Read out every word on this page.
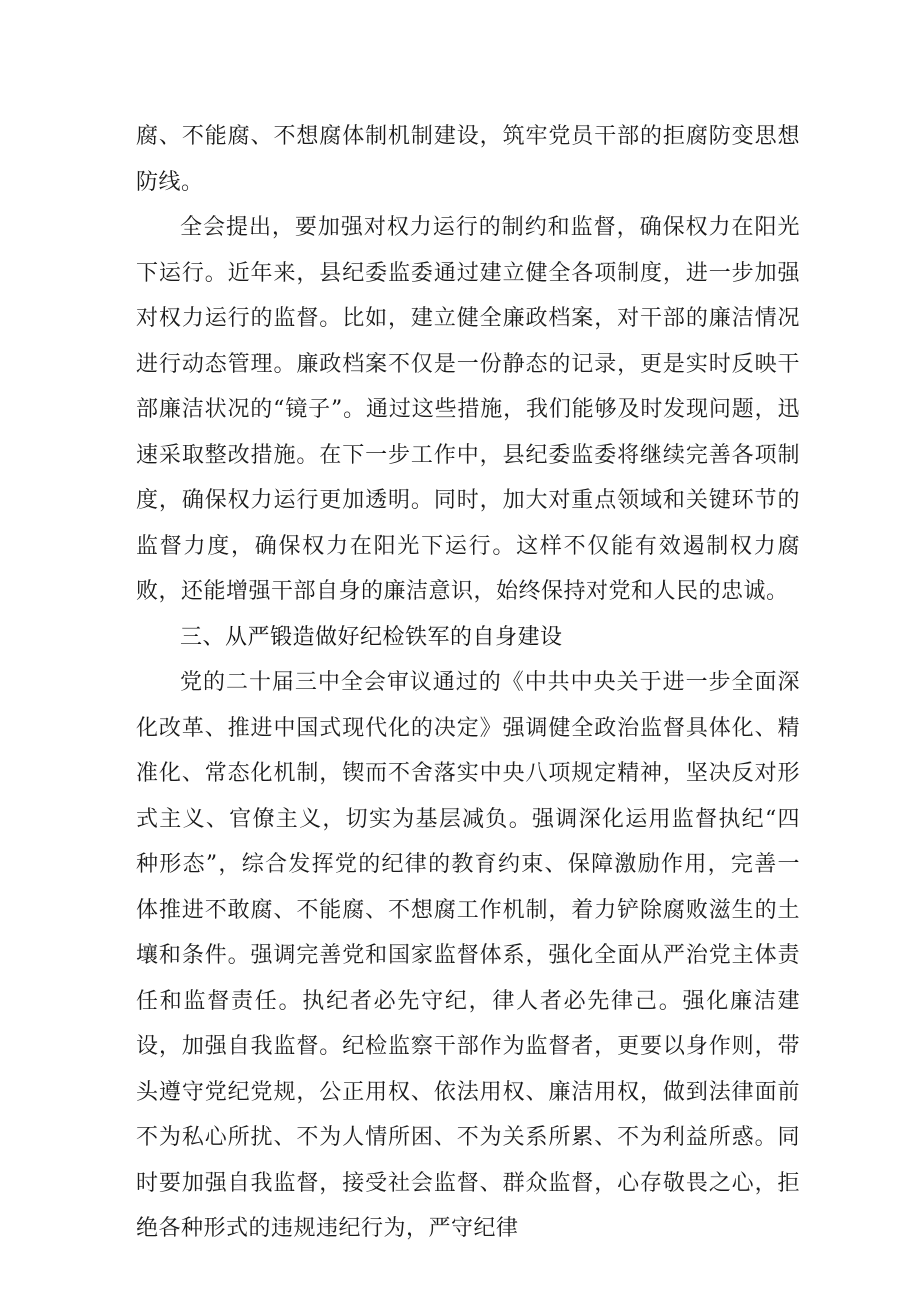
腐、不能腐、不想腐体制机制建设，筑牢党员干部的拒腐防变思想防线。

全会提出，要加强对权力运行的制约和监督，确保权力在阳光下运行。近年来，县纪委监委通过建立健全各项制度，进一步加强对权力运行的监督。比如，建立健全廉政档案，对干部的廉洁情况进行动态管理。廉政档案不仅是一份静态的记录，更是实时反映干部廉洁状况的“镜子”。通过这些措施，我们能够及时发现问题，迅速采取整改措施。在下一步工作中，县纪委监委将继续完善各项制度，确保权力运行更加透明。同时，加大对重点领域和关键环节的监督力度，确保权力在阳光下运行。这样不仅能有效遏制权力腐败，还能增强干部自身的廉洁意识，始终保持对党和人民的忠诚。

三、从严锻造做好纪检铁军的自身建设

党的二十届三中全会审议通过的《中共中央关于进一步全面深化改革、推进中国式现代化的决定》强调健全政治监督具体化、精准化、常态化机制，锲而不舍落实中央八项规定精神，坚决反对形式主义、官僚主义，切实为基层减负。强调深化运用监督执纪“四种形态”，综合发挥党的纪律的教育约束、保障激励作用，完善一体推进不敢腐、不能腐、不想腐工作机制，着力铲除腐败滋生的土壤和条件。强调完善党和国家监督体系，强化全面从严治党主体责任和监督责任。执纪者必先守纪，律人者必先律己。强化廉洁建设，加强自我监督。纪检监察干部作为监督者，更要以身作则，带头遵守党纪党规，公正用权、依法用权、廉洁用权，做到法律面前不为私心所扰、不为人情所困、不为关系所累、不为利益所惑。同时要加强自我监督，接受社会监督、群众监督，心存敬畏之心，拒绝各种形式的违规违纪行为，严守纪律
